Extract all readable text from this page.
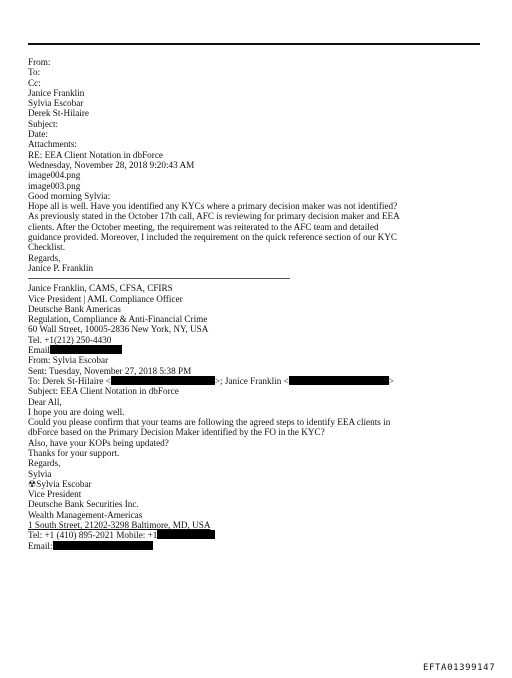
From:
To:
Cc:
Janice Franklin
Sylvia Escobar
Derek St-Hilaire
Subject:
Date:
Attachments:
RE: EEA Client Notation in dbForce
Wednesday, November 28, 2018 9:20:43 AM
image004.png
image003.png
Good morning Sylvia:
Hope all is well. Have you identified any KYCs where a primary decision maker was not identified?
As previously stated in the October 17th call, AFC is reviewing for primary decision maker and EEA
clients. After the October meeting, the requirement was reiterated to the AFC team and detailed
guidance provided. Moreover, I included the requirement on the quick reference section of our KYC
Checklist.
Regards,
Janice P. Franklin
Janice Franklin, CAMS, CFSA, CFIRS
Vice President | AML Compliance Officer
Deutsche Bank Americas
Regulation, Compliance & Anti-Financial Crime
60 Wall Street, 10005-2836 New York, NY, USA
Tel. +1(212) 250-4430
Email
From: Sylvia Escobar
Sent: Tuesday, November 27, 2018 5:38 PM
To: Derek St-Hilaire <	>; Janice Franklin <	>
Subject: EEA Client Notation in dbForce
Dear All,
I hope you are doing well.
Could you please confirm that your teams are following the agreed steps to identify EEA clients in
dbForce based on the Primary Decision Maker identified by the FO in the KYC?
Also, have your KOPs being updated?
Thanks for your support.
Regards,
Sylvia
☢Sylvia Escobar
Vice President
Deutsche Bank Securities Inc.
Wealth Management-Americas
1 South Street, 21202-3298 Baltimore, MD, USA
Tel: +1 (410) 895-2021 Mobile: +1
Email:
EFTA01399147
